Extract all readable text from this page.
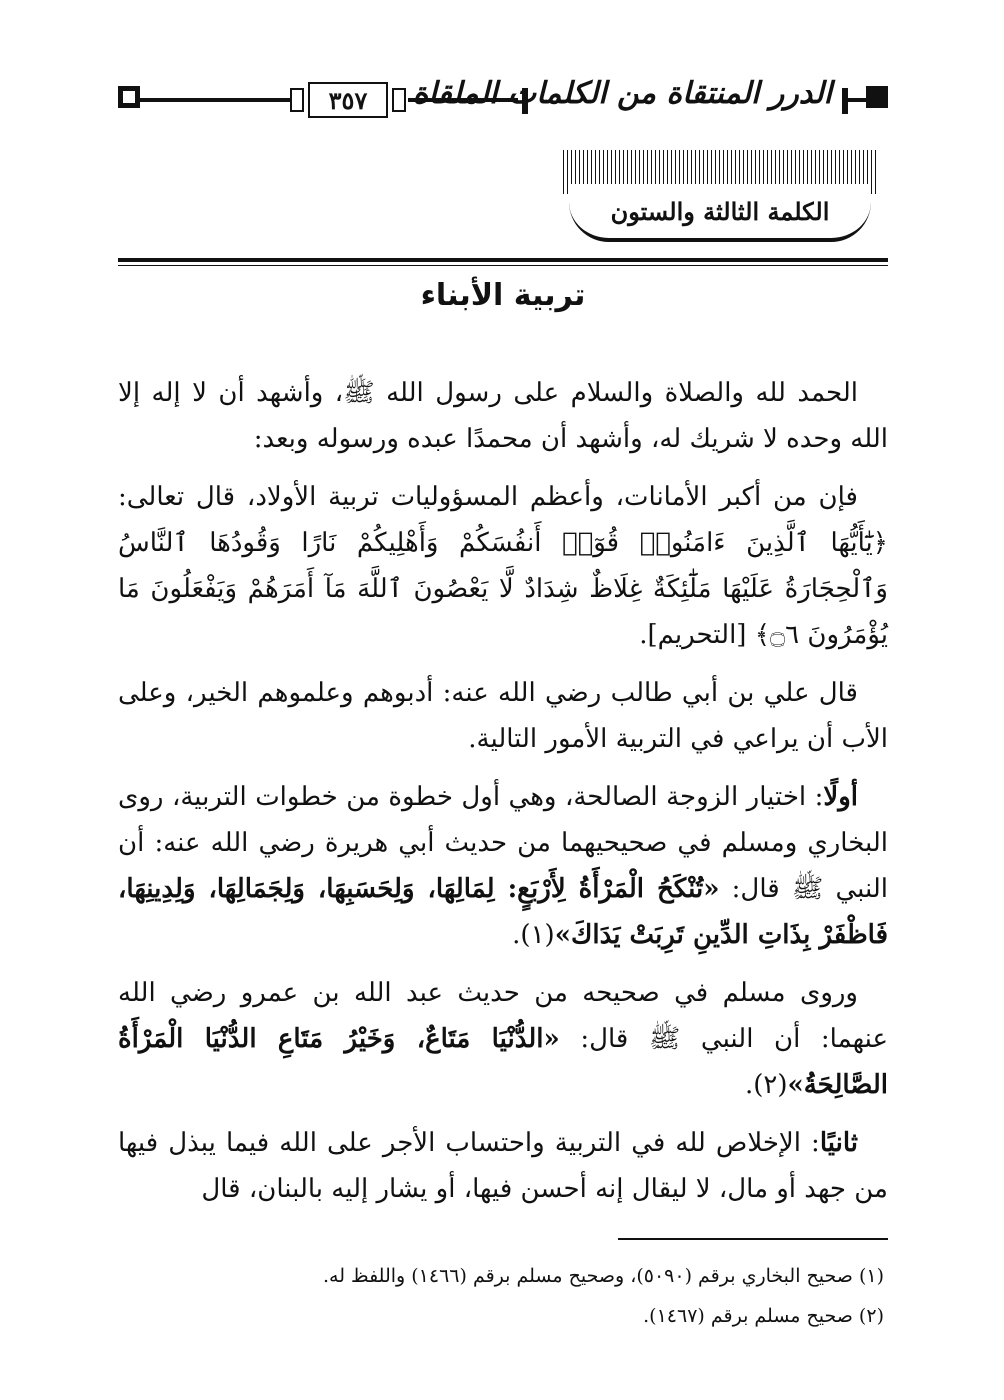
٣٥٧	الدرر المنتقاة من الكلمات الملقاة
الكلمة الثالثة والستون
تربية الأبناء

الحمد لله والصلاة والسلام على رسول الله ﷺ، وأشهد أن لا إله إلا الله وحده لا شريك له، وأشهد أن محمدًا عبده ورسوله وبعد:

فإن من أكبر الأمانات، وأعظم المسؤوليات تربية الأولاد، قال تعالى: ﴿يَٰٓأَيُّهَا ٱلَّذِينَ ءَامَنُوا۟ قُوٓا۟ أَنفُسَكُمْ وَأَهْلِيكُمْ نَارًا وَقُودُهَا ٱلنَّاسُ وَٱلْحِجَارَةُ عَلَيْهَا مَلَٰٓئِكَةٌ غِلَاظٌ شِدَادٌ لَّا يَعْصُونَ ٱللَّهَ مَآ أَمَرَهُمْ وَيَفْعَلُونَ مَا يُؤْمَرُونَ ۝٦﴾ [التحريم].

قال علي بن أبي طالب رضي الله عنه: أدبوهم وعلموهم الخير، وعلى الأب أن يراعي في التربية الأمور التالية.

أولًا: اختيار الزوجة الصالحة، وهي أول خطوة من خطوات التربية، روى البخاري ومسلم في صحيحيهما من حديث أبي هريرة رضي الله عنه: أن النبي ﷺ قال: «تُنْكَحُ الْمَرْأَةُ لِأَرْبَعٍ: لِمَالِهَا، وَلِحَسَبِهَا، وَلِجَمَالِهَا، وَلِدِينِهَا، فَاظْفَرْ بِذَاتِ الدِّينِ تَرِبَتْ يَدَاكَ»(١).

وروى مسلم في صحيحه من حديث عبد الله بن عمرو رضي الله عنهما: أن النبي ﷺ قال: «الدُّنْيَا مَتَاعٌ، وَخَيْرُ مَتَاعِ الدُّنْيَا الْمَرْأَةُ الصَّالِحَةُ»(٢).

ثانيًا: الإخلاص لله في التربية واحتساب الأجر على الله فيما يبذل فيها من جهد أو مال، لا ليقال إنه أحسن فيها، أو يشار إليه بالبنان، قال

(١) صحيح البخاري برقم (٥٠٩٠)، وصحيح مسلم برقم (١٤٦٦) واللفظ له.
(٢) صحيح مسلم برقم (١٤٦٧).
